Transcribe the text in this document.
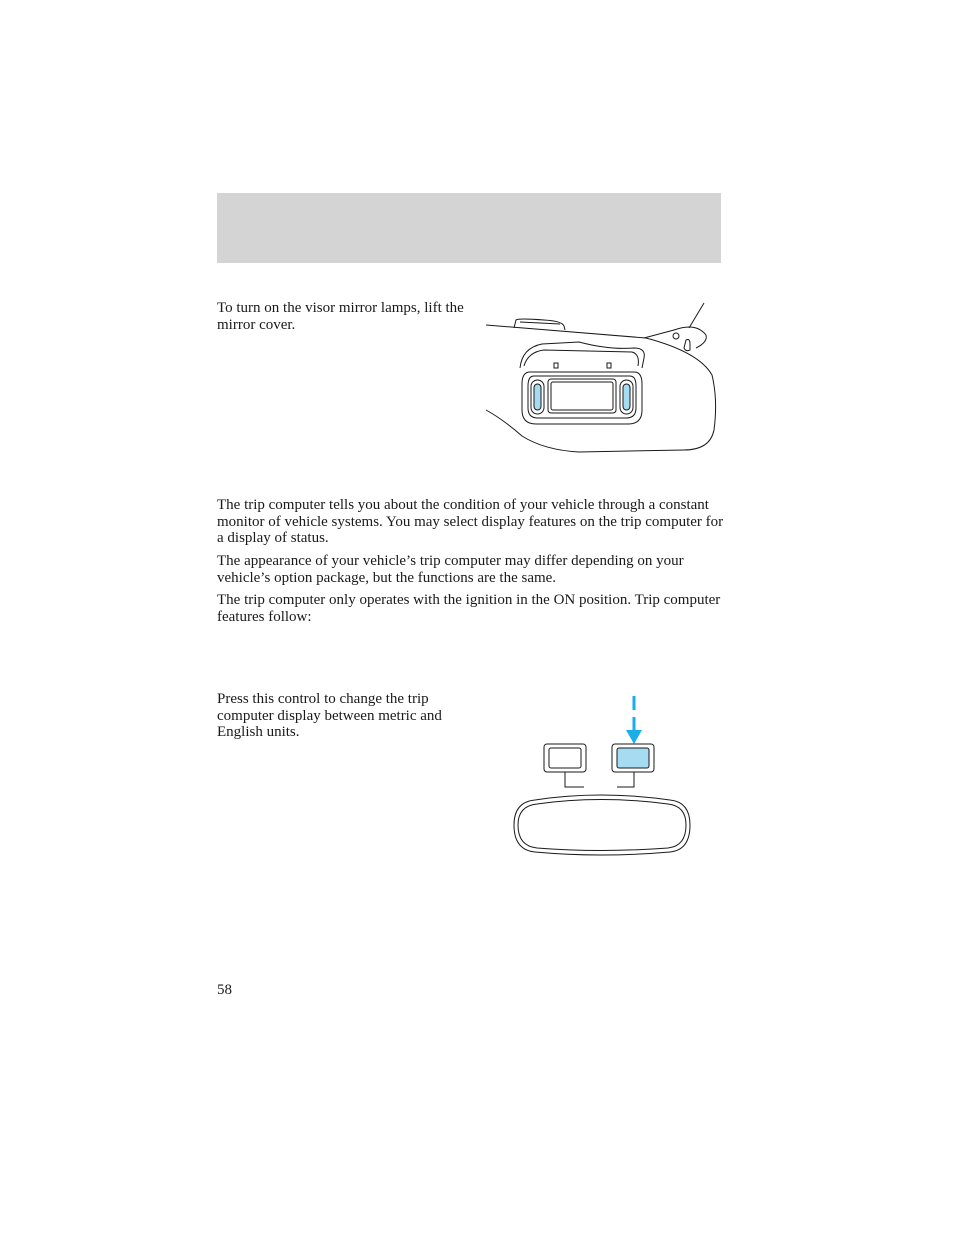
To turn on the visor mirror lamps, lift the mirror cover.

The trip computer tells you about the condition of your vehicle through a constant monitor of vehicle systems. You may select display features on the trip computer for a display of status.

The appearance of your vehicle’s trip computer may differ depending on your vehicle’s option package, but the functions are the same.

The trip computer only operates with the ignition in the ON position. Trip computer features follow:

Press this control to change the trip computer display between metric and English units.

58
